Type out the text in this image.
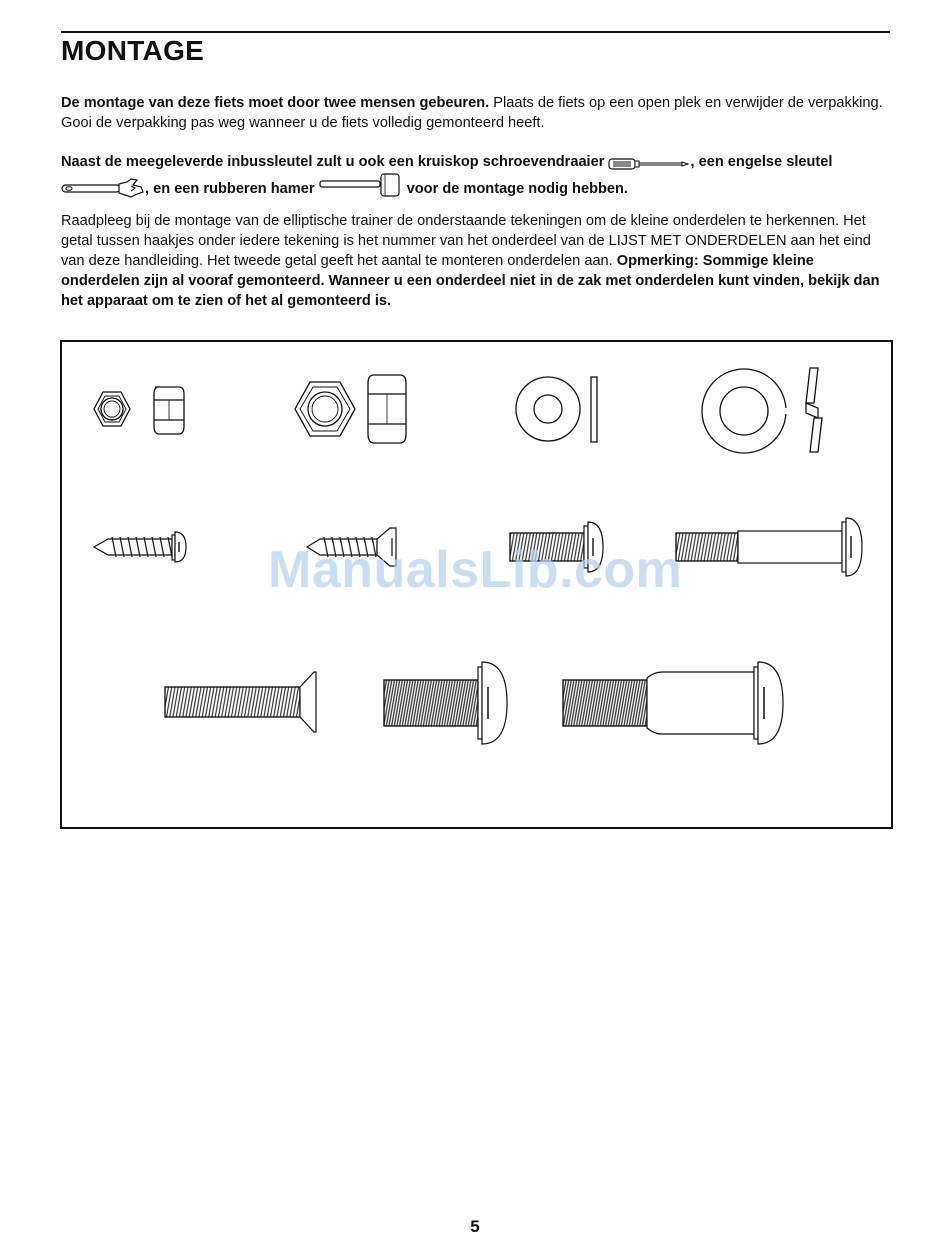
MONTAGE

De montage van deze fiets moet door twee mensen gebeuren. Plaats de fiets op een open plek en verwijder de verpakking. Gooi de verpakking pas weg wanneer u de fiets volledig gemonteerd heeft.

Naast de meegeleverde inbussleutel zult u ook een kruiskop schroevendraaier	, een engelse sleutel , en een rubberen hamer	voor de montage nodig hebben.

Raadpleeg bij de montage van de elliptische trainer de onderstaande tekeningen om de kleine onderdelen te herkennen. Het getal tussen haakjes onder iedere tekening is het nummer van het onderdeel van de LIJST MET ONDERDELEN aan het eind van deze handleiding. Het tweede getal geeft het aantal te monteren onderdelen aan. Opmerking: Sommige kleine onderdelen zijn al vooraf gemonteerd. Wanneer u een onderdeel niet in de zak met onderdelen kunt vinden, bekijk dan het apparaat om te zien of het al gemonteerd is.

ManualsLib.com
5
